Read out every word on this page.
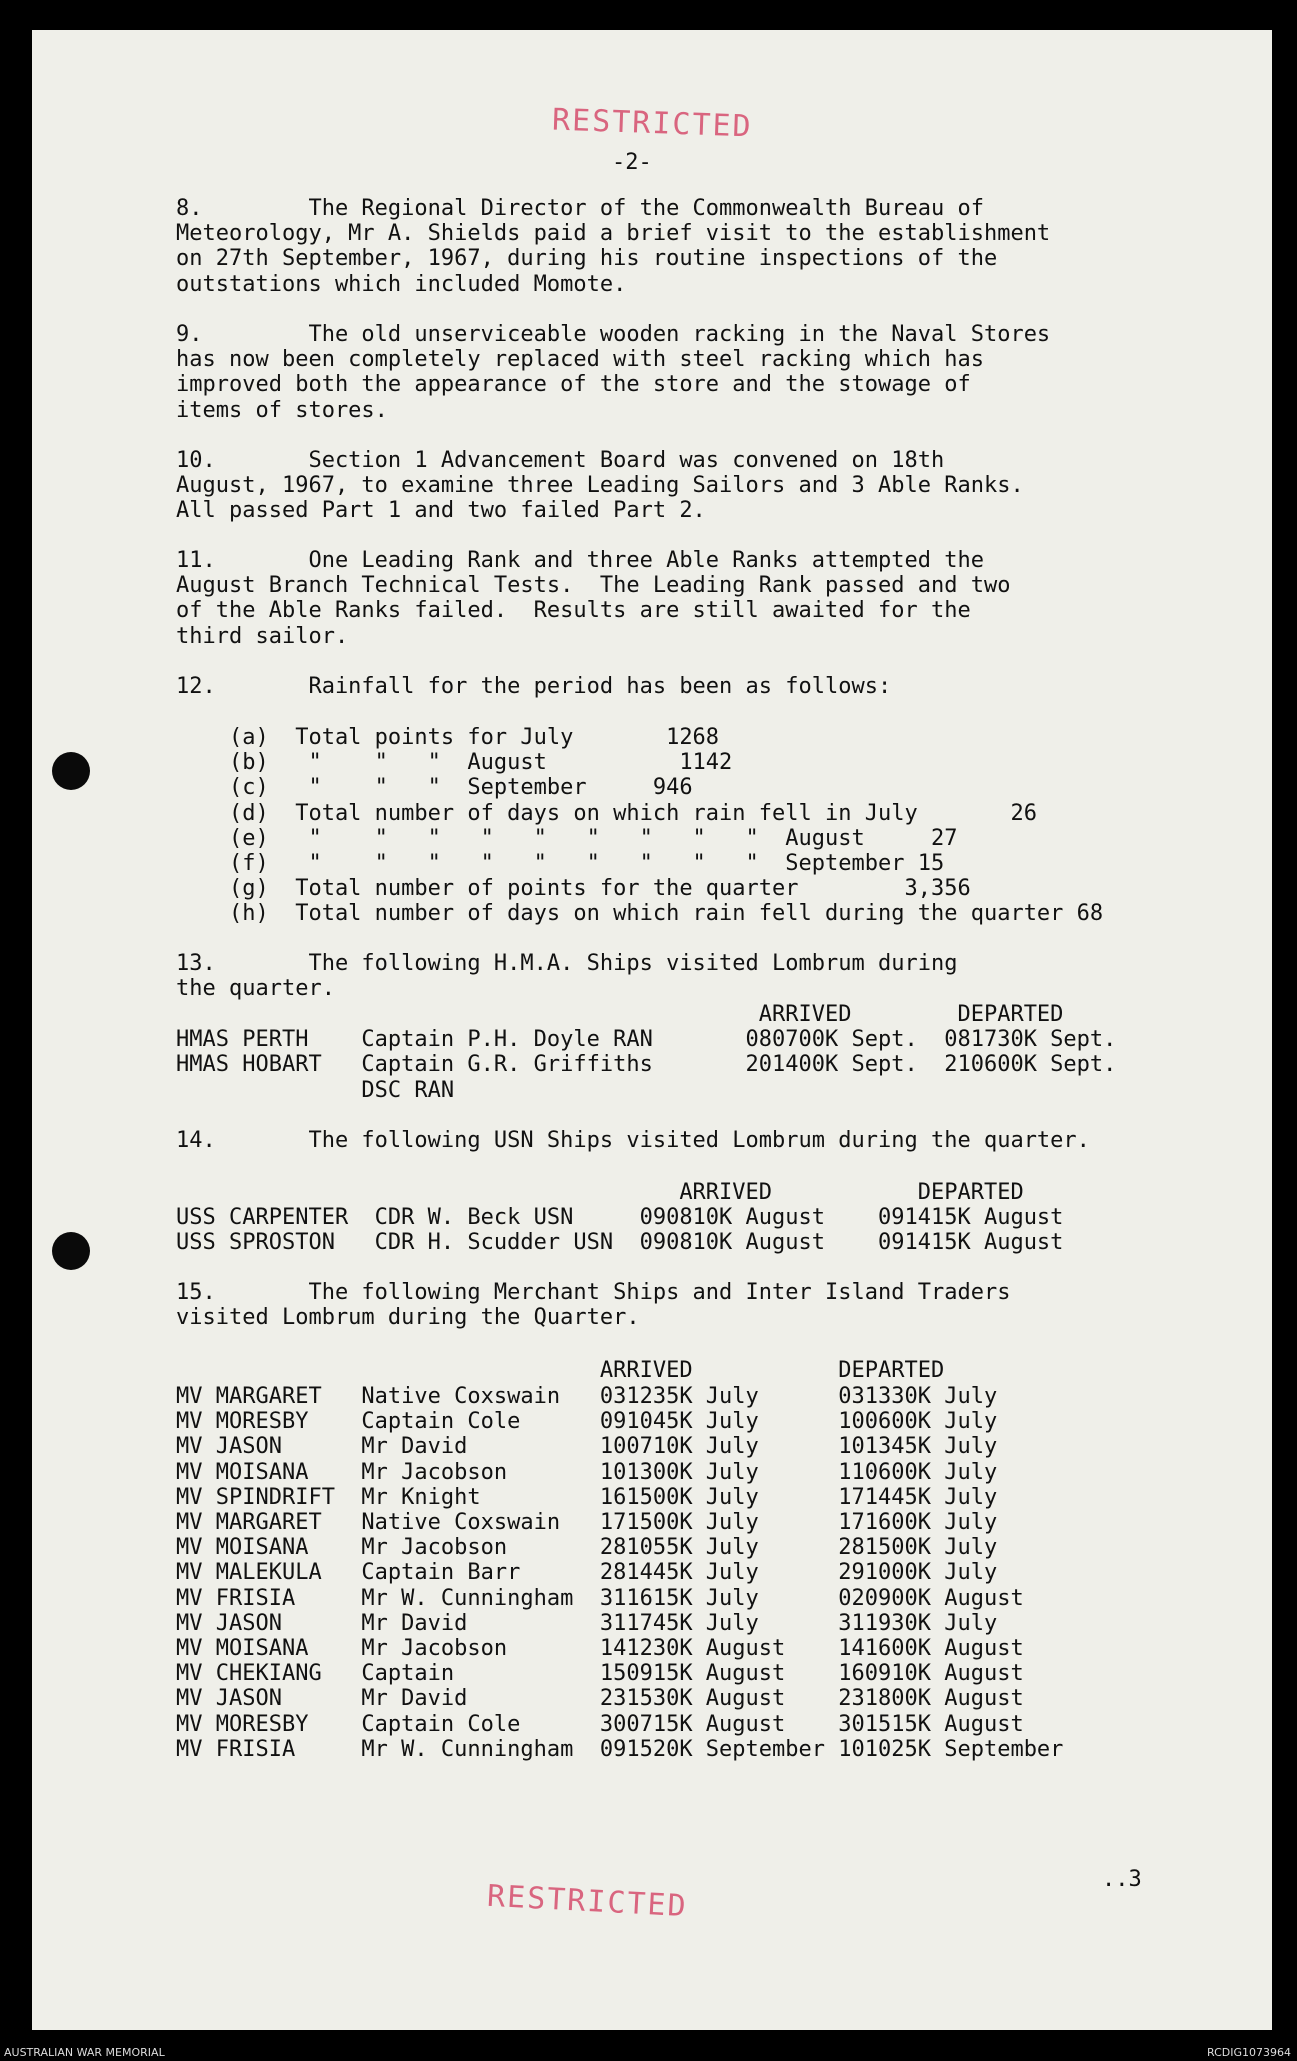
RESTRICTED
-2-
8.        The Regional Director of the Commonwealth Bureau of
Meteorology, Mr A. Shields paid a brief visit to the establishment
on 27th September, 1967, during his routine inspections of the
outstations which included Momote.
9.        The old unserviceable wooden racking in the Naval Stores
has now been completely replaced with steel racking which has
improved both the appearance of the store and the stowage of
items of stores.
10.       Section 1 Advancement Board was convened on 18th
August, 1967, to examine three Leading Sailors and 3 Able Ranks.
All passed Part 1 and two failed Part 2.
11.       One Leading Rank and three Able Ranks attempted the
August Branch Technical Tests.  The Leading Rank passed and two
of the Able Ranks failed.  Results are still awaited for the
third sailor.
12.       Rainfall for the period has been as follows:
(a)  Total points for July       1268
(b)   "    "   "  August          1142
(c)   "    "   "  September     946
(d)  Total number of days on which rain fell in July       26
(e)   "    "   "   "   "   "   "   "   "  August     27
(f)   "    "   "   "   "   "   "   "   "  September 15
(g)  Total number of points for the quarter        3,356
(h)  Total number of days on which rain fell during the quarter 68
13.       The following H.M.A. Ships visited Lombrum during
the quarter.
ARRIVED        DEPARTED
HMAS PERTH    Captain P.H. Doyle RAN       080700K Sept.  081730K Sept.
HMAS HOBART   Captain G.R. Griffiths       201400K Sept.  210600K Sept.
DSC RAN
14.       The following USN Ships visited Lombrum during the quarter.
ARRIVED           DEPARTED
USS CARPENTER  CDR W. Beck USN     090810K August    091415K August
USS SPROSTON   CDR H. Scudder USN  090810K August    091415K August
15.       The following Merchant Ships and Inter Island Traders
visited Lombrum during the Quarter.
ARRIVED           DEPARTED
MV MARGARET   Native Coxswain   031235K July      031330K July
MV MORESBY    Captain Cole      091045K July      100600K July
MV JASON      Mr David          100710K July      101345K July
MV MOISANA    Mr Jacobson       101300K July      110600K July
MV SPINDRIFT  Mr Knight         161500K July      171445K July
MV MARGARET   Native Coxswain   171500K July      171600K July
MV MOISANA    Mr Jacobson       281055K July      281500K July
MV MALEKULA   Captain Barr      281445K July      291000K July
MV FRISIA     Mr W. Cunningham  311615K July      020900K August
MV JASON      Mr David          311745K July      311930K July
MV MOISANA    Mr Jacobson       141230K August    141600K August
MV CHEKIANG   Captain           150915K August    160910K August
MV JASON      Mr David          231530K August    231800K August
MV MORESBY    Captain Cole      300715K August    301515K August
MV FRISIA     Mr W. Cunningham  091520K September 101025K September
RESTRICTED	..3
AUSTRALIAN WAR MEMORIAL	RCDIG1073964
